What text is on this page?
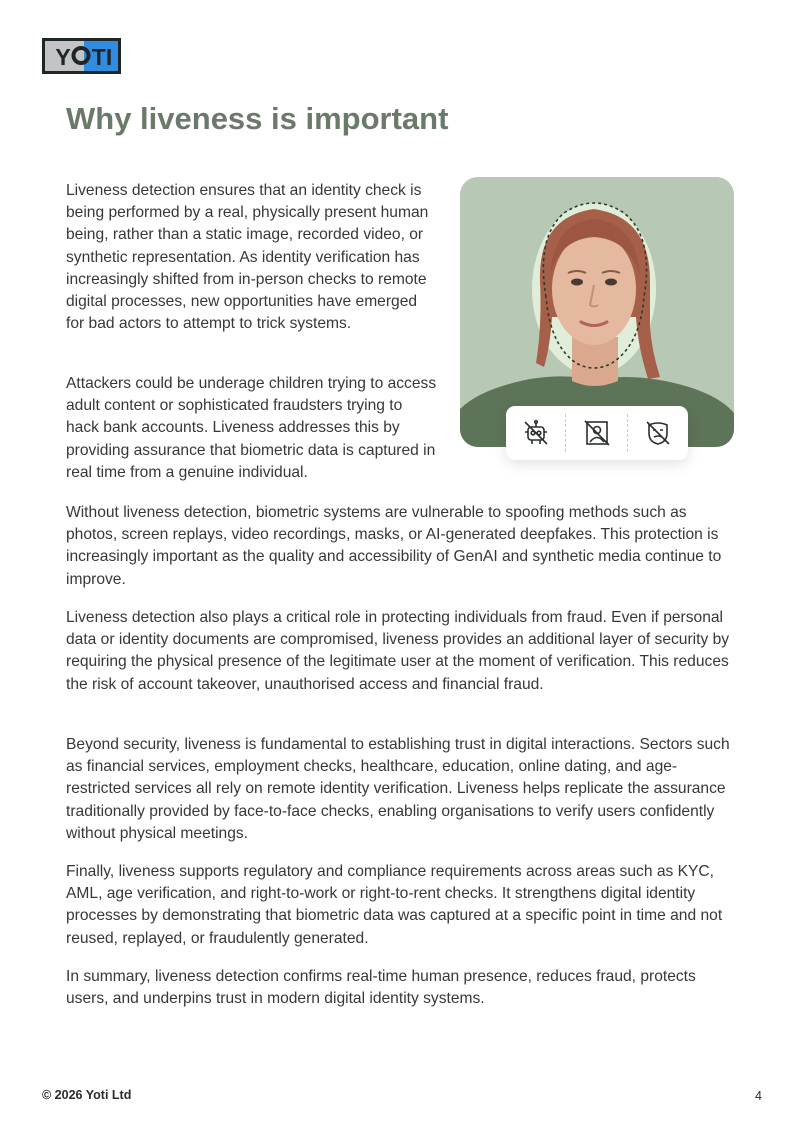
Y TI
Why liveness is important

Liveness detection ensures that an identity check is being performed by a real, physically present human being, rather than a static image, recorded video, or synthetic representation. As identity verification has increasingly shifted from in-person checks to remote digital processes, new opportunities have emerged for bad actors to attempt to trick systems.

Attackers could be underage children trying to access adult content or sophisticated fraudsters trying to hack bank accounts. Liveness addresses this by providing assurance that biometric data is captured in real time from a genuine individual.

Without liveness detection, biometric systems are vulnerable to spoofing methods such as photos, screen replays, video recordings, masks, or AI-generated deepfakes. This protection is increasingly important as the quality and accessibility of GenAI and synthetic media continue to improve.

Liveness detection also plays a critical role in protecting individuals from fraud. Even if personal data or identity documents are compromised, liveness provides an additional layer of security by requiring the physical presence of the legitimate user at the moment of verification. This reduces the risk of account takeover, unauthorised access and financial fraud.

Beyond security, liveness is fundamental to establishing trust in digital interactions. Sectors such as financial services, employment checks, healthcare, education, online dating, and age-restricted services all rely on remote identity verification. Liveness helps replicate the assurance traditionally provided by face-to-face checks, enabling organisations to verify users confidently without physical meetings.

Finally, liveness supports regulatory and compliance requirements across areas such as KYC, AML, age verification, and right-to-work or right-to-rent checks. It strengthens digital identity processes by demonstrating that biometric data was captured at a specific point in time and not reused, replayed, or fraudulently generated.

In summary, liveness detection confirms real-time human presence, reduces fraud, protects users, and underpins trust in modern digital identity systems.

© 2026 Yoti Ltd	4
